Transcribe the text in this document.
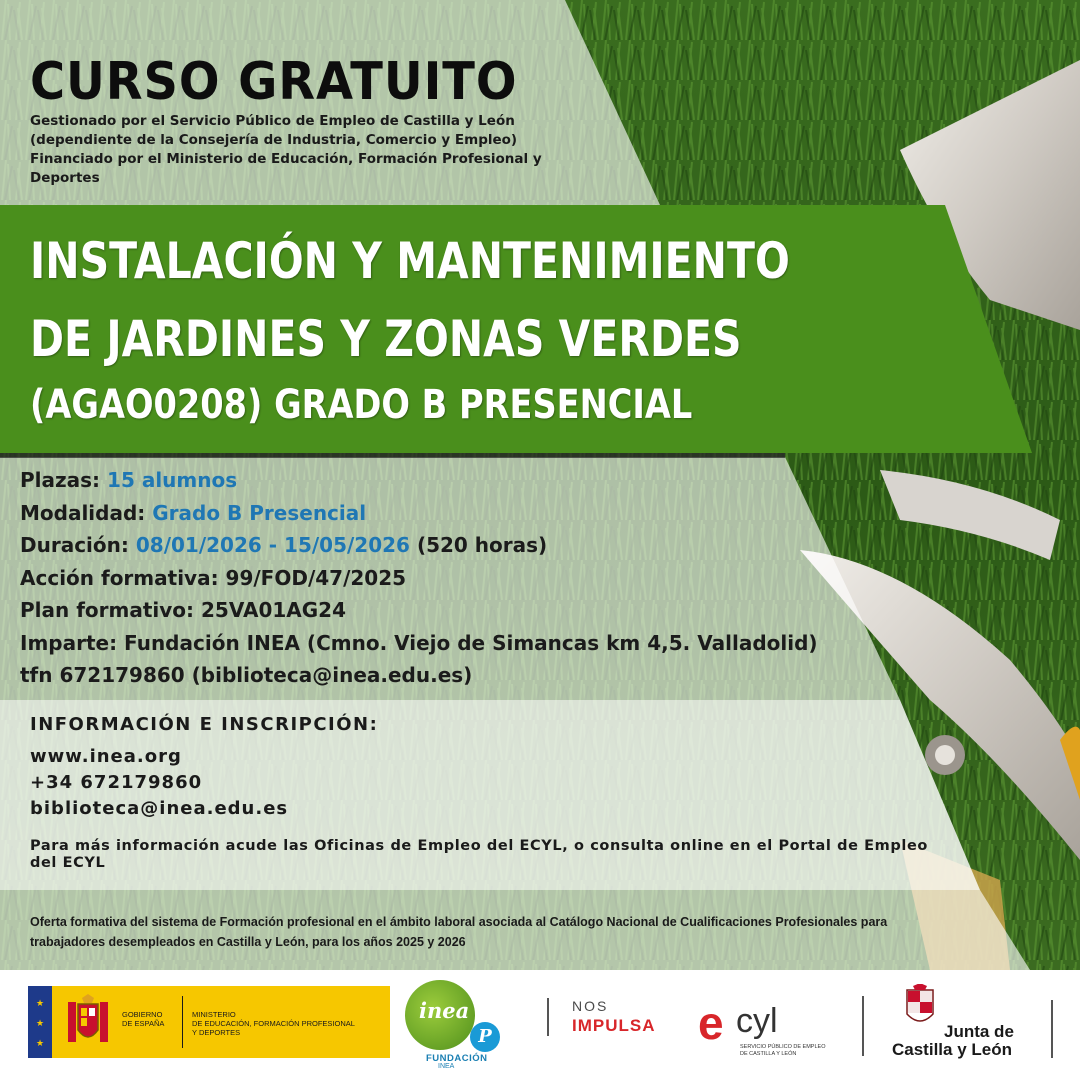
CURSO GRATUITO
Gestionado por el Servicio Público de Empleo de Castilla y León
(dependiente de la Consejería de Industria, Comercio y Empleo)
Financiado por el Ministerio de Educación, Formación Profesional y Deportes
INSTALACIÓN Y MANTENIMIENTO
DE JARDINES Y ZONAS VERDES
(AGAO0208) GRADO B PRESENCIAL
Plazas: 15 alumnos
Modalidad: Grado B Presencial
Duración: 08/01/2026 - 15/05/2026 (520 horas)
Acción formativa: 99/FOD/47/2025
Plan formativo: 25VA01AG24
Imparte: Fundación INEA (Cmno. Viejo de Simancas km 4,5. Valladolid)
tfn 672179860 (biblioteca@inea.edu.es)
INFORMACIÓN E INSCRIPCIÓN:
www.inea.org
+34 672179860
biblioteca@inea.edu.es
Para más información acude las Oficinas de Empleo del ECYL, o consulta online en el Portal de Empleo del ECYL
Oferta formativa del sistema de Formación profesional en el ámbito laboral asociada al Catálogo Nacional de Cualificaciones Profesionales para trabajadores desempleados en Castilla y León, para los años 2025 y 2026
★
★
★
GOBIERNO
DE ESPAÑA
MINISTERIO
DE EDUCACIÓN, FORMACIÓN PROFESIONAL
Y DEPORTES
inea
P
FUNDACIÓN
INEA
NOS
IMPULSA e cyl
SERVICIO PÚBLICO DE EMPLEO
DE CASTILLA Y LEÓN
Junta de
Castilla y León
